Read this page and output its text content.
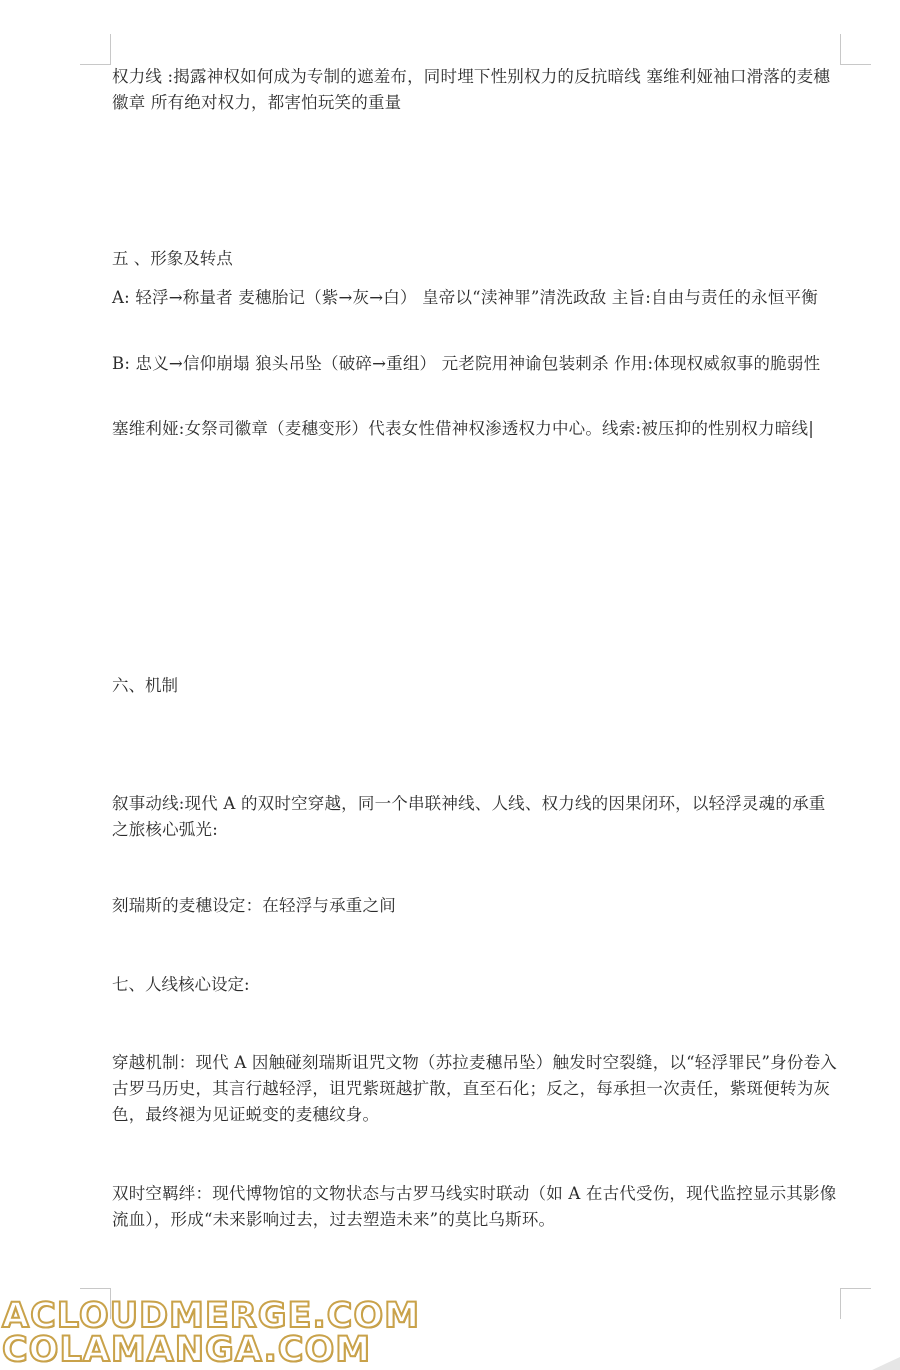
权力线 :揭露神权如何成为专制的遮羞布，同时埋下性别权力的反抗暗线 塞维利娅袖口滑落的麦穗徽章 所有绝对权力，都害怕玩笑的重量

五 、形象及转点

A: 轻浮→称量者 麦穗胎记（紫→灰→白） 皇帝以“渎神罪”清洗政敌 主旨:自由与责任的永恒平衡

B: 忠义→信仰崩塌 狼头吊坠（破碎→重组） 元老院用神谕包装刺杀 作用:体现权威叙事的脆弱性

塞维利娅:女祭司徽章（麦穗变形）代表女性借神权渗透权力中心。线索:被压抑的性别权力暗线|

六、机制

叙事动线:现代 A 的双时空穿越，同一个串联神线、人线、权力线的因果闭环，以轻浮灵魂的承重之旅核心弧光:

刻瑞斯的麦穗设定：在轻浮与承重之间

七、人线核心设定:

穿越机制：现代 A 因触碰刻瑞斯诅咒文物（苏拉麦穗吊坠）触发时空裂缝，以“轻浮罪民”身份卷入古罗马历史，其言行越轻浮，诅咒紫斑越扩散，直至石化；反之，每承担一次责任，紫斑便转为灰色，最终褪为见证蜕变的麦穗纹身。

双时空羁绊：现代博物馆的文物状态与古罗马线实时联动（如 A 在古代受伤，现代监控显示其影像流血），形成“未来影响过去，过去塑造未来”的莫比乌斯环。

ACLOUDMERGE.COM
COLAMANGA.COM
